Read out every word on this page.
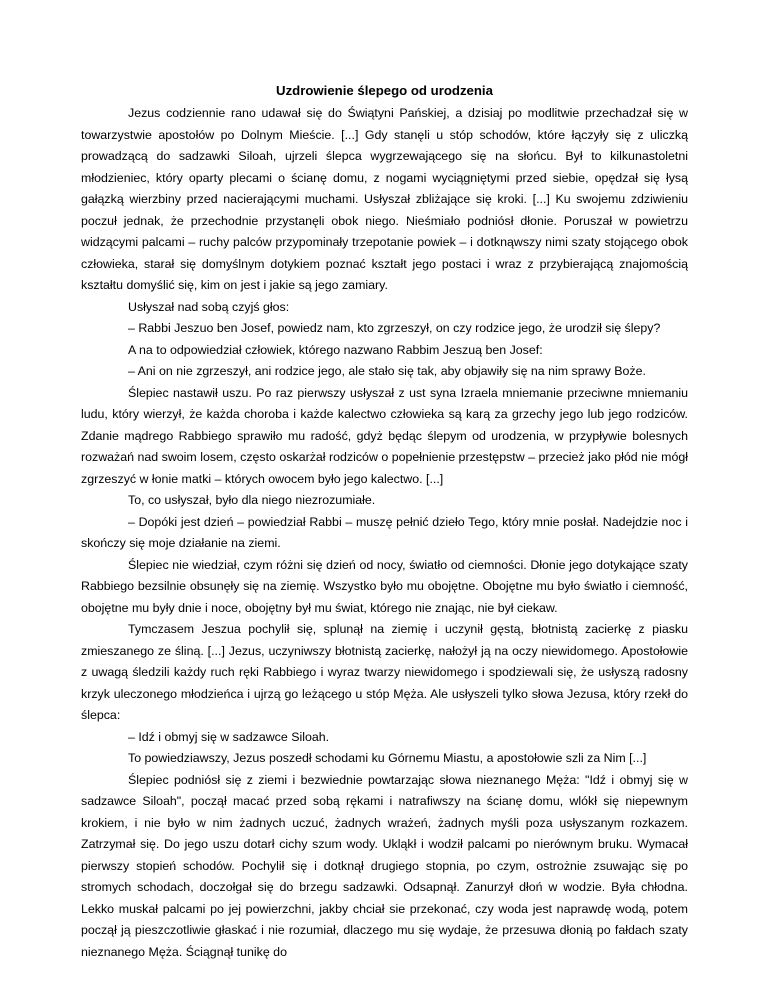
Uzdrowienie ślepego od urodzenia

Jezus codziennie rano udawał się do Świątyni Pańskiej, a dzisiaj po modlitwie przechadzał się w towarzystwie apostołów po Dolnym Mieście. [...] Gdy stanęli u stóp schodów, które łączyły się z uliczką prowadzącą do sadzawki Siloah, ujrzeli ślepca wygrzewającego się na słońcu. Był to kilkunastoletni młodzieniec, który oparty plecami o ścianę domu, z nogami wyciągniętymi przed siebie, opędzał się łysą gałązką wierzbiny przed nacierającymi muchami. Usłyszał zbliżające się kroki. [...] Ku swojemu zdziwieniu poczuł jednak, że przechodnie przystanęli obok niego. Nieśmiało podniósł dłonie. Poruszał w powietrzu widzącymi palcami – ruchy palców przypominały trzepotanie powiek – i dotknąwszy nimi szaty stojącego obok człowieka, starał się domyślnym dotykiem poznać kształt jego postaci i wraz z przybierającą znajomością kształtu domyślić się, kim on jest i jakie są jego zamiary.

Usłyszał nad sobą czyjś głos:

– Rabbi Jeszuo ben Josef, powiedz nam, kto zgrzeszył, on czy rodzice jego, że urodził się ślepy?

A na to odpowiedział człowiek, którego nazwano Rabbim Jeszuą ben Josef:

– Ani on nie zgrzeszył, ani rodzice jego, ale stało się tak, aby objawiły się na nim sprawy Boże.

Ślepiec nastawił uszu. Po raz pierwszy usłyszał z ust syna Izraela mniemanie przeciwne mniemaniu ludu, który wierzył, że każda choroba i każde kalectwo człowieka są karą za grzechy jego lub jego rodziców. Zdanie mądrego Rabbiego sprawiło mu radość, gdyż będąc ślepym od urodzenia, w przypływie bolesnych rozważań nad swoim losem, często oskarżał rodziców o popełnienie przestępstw – przecież jako płód nie mógł zgrzeszyć w łonie matki – których owocem było jego kalectwo. [...]

To, co usłyszał, było dla niego niezrozumiałe.

– Dopóki jest dzień – powiedział Rabbi – muszę pełnić dzieło Tego, który mnie posłał. Nadejdzie noc i skończy się moje działanie na ziemi.

Ślepiec nie wiedział, czym różni się dzień od nocy, światło od ciemności. Dłonie jego dotykające szaty Rabbiego bezsilnie obsunęły się na ziemię. Wszystko było mu obojętne. Obojętne mu było światło i ciemność, obojętne mu były dnie i noce, obojętny był mu świat, którego nie znając, nie był ciekaw.

Tymczasem Jeszua pochylił się, splunął na ziemię i uczynił gęstą, błotnistą zacierkę z piasku zmieszanego ze śliną. [...] Jezus, uczyniwszy błotnistą zacierkę, nałożył ją na oczy niewidomego. Apostołowie z uwagą śledzili każdy ruch ręki Rabbiego i wyraz twarzy niewidomego i spodziewali się, że usłyszą radosny krzyk uleczonego młodzieńca i ujrzą go leżącego u stóp Męża. Ale usłyszeli tylko słowa Jezusa, który rzekł do ślepca:

– Idź i obmyj się w sadzawce Siloah.

To powiedziawszy, Jezus poszedł schodami ku Górnemu Miastu, a apostołowie szli za Nim [...]

Ślepiec podniósł się z ziemi i bezwiednie powtarzając słowa nieznanego Męża: "Idź i obmyj się w sadzawce Siloah", począł macać przed sobą rękami i natrafiwszy na ścianę domu, wlókł się niepewnym krokiem, i nie było w nim żadnych uczuć, żadnych wrażeń, żadnych myśli poza usłyszanym rozkazem. Zatrzymał się. Do jego uszu dotarł cichy szum wody. Ukląkł i wodził palcami po nierównym bruku. Wymacał pierwszy stopień schodów. Pochylił się i dotknął drugiego stopnia, po czym, ostrożnie zsuwając się po stromych schodach, doczołgał się do brzegu sadzawki. Odsapnął. Zanurzył dłoń w wodzie. Była chłodna. Lekko muskał palcami po jej powierzchni, jakby chciał sie przekonać, czy woda jest naprawdę wodą, potem począł ją pieszczotliwie głaskać i nie rozumiał, dlaczego mu się wydaje, że przesuwa dłonią po fałdach szaty nieznanego Męża. Ściągnął tunikę do
